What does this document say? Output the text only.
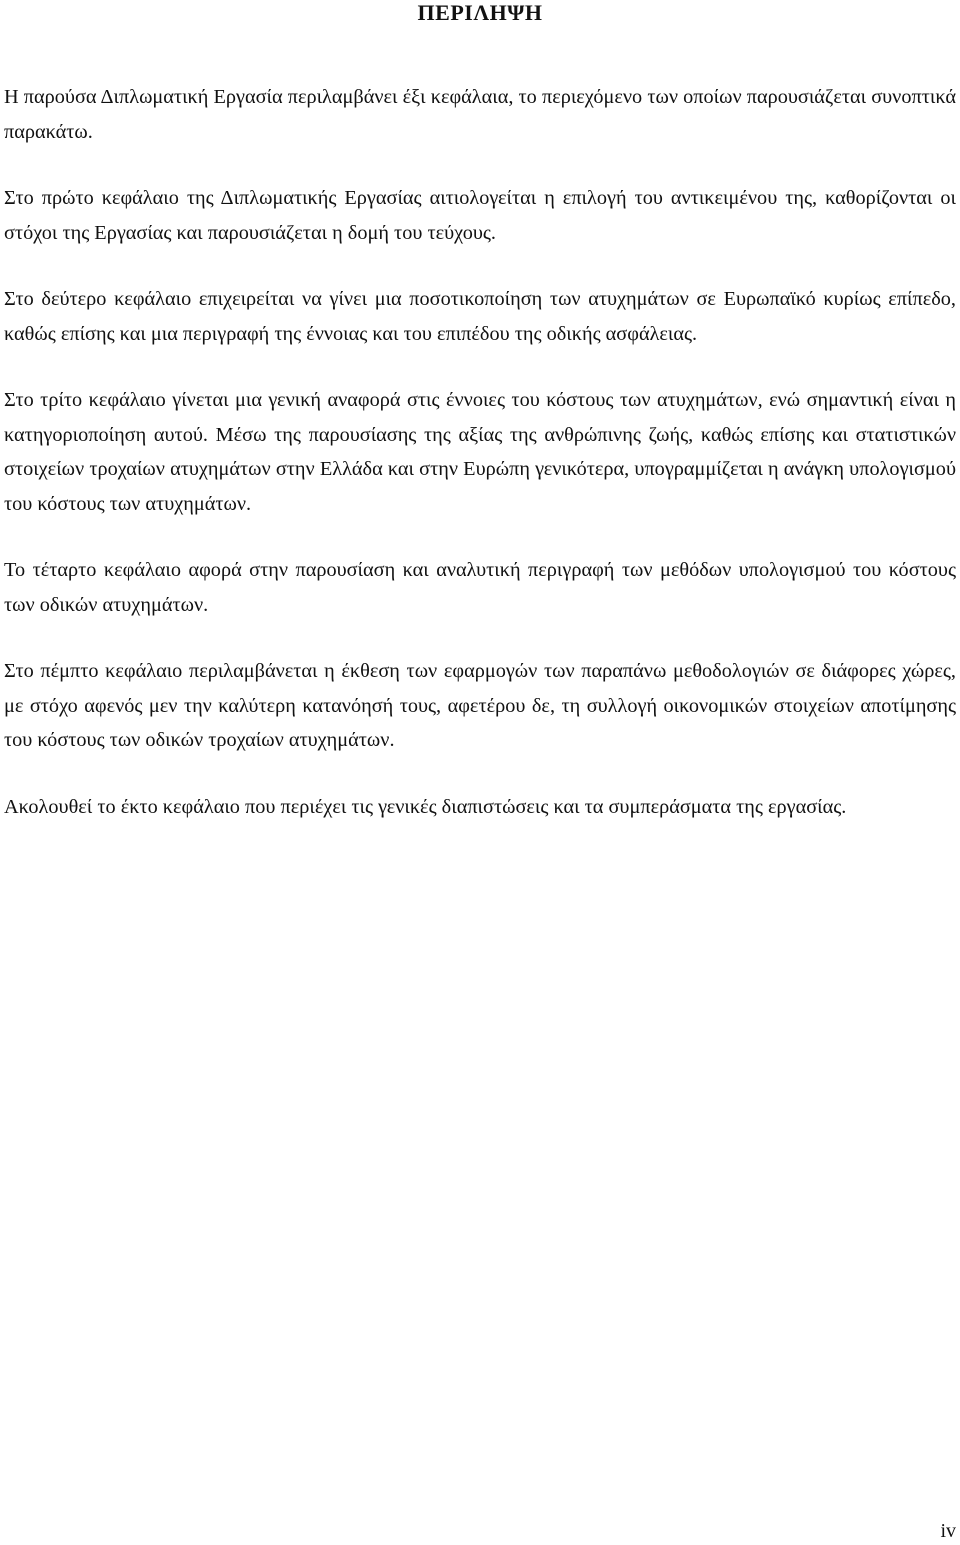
ΠΕΡΙΛΗΨΗ

Η παρούσα Διπλωματική Εργασία περιλαμβάνει έξι κεφάλαια, το περιεχόμενο των οποίων παρουσιάζεται συνοπτικά παρακάτω.

Στο πρώτο κεφάλαιο της Διπλωματικής Εργασίας αιτιολογείται η επιλογή του αντικειμένου της, καθορίζονται οι στόχοι της Εργασίας και παρουσιάζεται η δομή του τεύχους.

Στο δεύτερο κεφάλαιο επιχειρείται να γίνει μια ποσοτικοποίηση των ατυχημάτων σε Ευρωπαϊκό κυρίως επίπεδο, καθώς επίσης και μια περιγραφή της έννοιας και του επιπέδου της οδικής ασφάλειας.

Στο τρίτο κεφάλαιο γίνεται μια γενική αναφορά στις έννοιες του κόστους των ατυχημάτων, ενώ σημαντική είναι η κατηγοριοποίηση αυτού. Μέσω της παρουσίασης της αξίας της ανθρώπινης ζωής, καθώς επίσης και στατιστικών στοιχείων τροχαίων ατυχημάτων στην Ελλάδα και στην Ευρώπη γενικότερα, υπογραμμίζεται η ανάγκη υπολογισμού του κόστους των ατυχημάτων.

Το τέταρτο κεφάλαιο αφορά στην παρουσίαση και αναλυτική περιγραφή των μεθόδων υπολογισμού του κόστους των οδικών ατυχημάτων.

Στο πέμπτο κεφάλαιο περιλαμβάνεται η έκθεση των εφαρμογών των παραπάνω μεθοδολογιών σε διάφορες χώρες, με στόχο αφενός μεν την καλύτερη κατανόησή τους, αφετέρου δε, τη συλλογή οικονομικών στοιχείων αποτίμησης του κόστους των οδικών τροχαίων ατυχημάτων.

Ακολουθεί το έκτο κεφάλαιο που περιέχει τις γενικές διαπιστώσεις και τα συμπεράσματα της εργασίας.

iv
